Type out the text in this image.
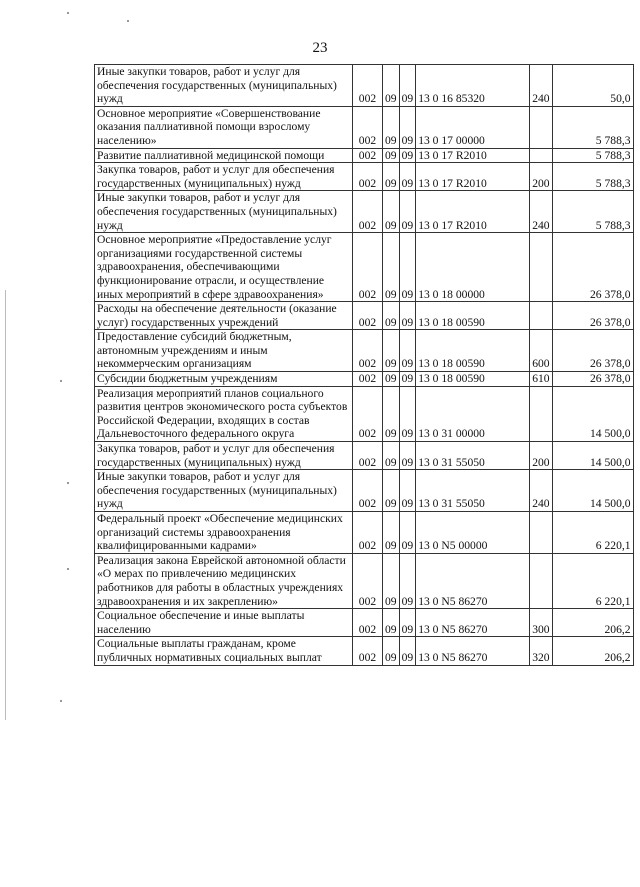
23
Иные закупки товаров, работ и услуг для обеспечения государственных (муниципальных) нужд	002	09	09	13 0 16 85320	240	50,0
Основное мероприятие «Совершенствование оказания паллиативной помощи взрослому населению»	002	09	09	13 0 17 00000		5 788,3
Развитие паллиативной медицинской помощи	002	09	09	13 0 17 R2010		5 788,3
Закупка товаров, работ и услуг для обеспечения государственных (муниципальных) нужд	002	09	09	13 0 17 R2010	200	5 788,3
Иные закупки товаров, работ и услуг для обеспечения государственных (муниципальных) нужд	002	09	09	13 0 17 R2010	240	5 788,3
Основное мероприятие «Предоставление услуг организациями государственной системы здравоохранения, обеспечивающими функционирование отрасли, и осуществление иных мероприятий в сфере здравоохранения»	002	09	09	13 0 18 00000		26 378,0
Расходы на обеспечение деятельности (оказание услуг) государственных учреждений	002	09	09	13 0 18 00590		26 378,0
Предоставление субсидий бюджетным, автономным учреждениям и иным некоммерческим организациям	002	09	09	13 0 18 00590	600	26 378,0
Субсидии бюджетным учреждениям	002	09	09	13 0 18 00590	610	26 378,0
Реализация мероприятий планов социального развития центров экономического роста субъектов Российской Федерации, входящих в состав Дальневосточного федерального округа	002	09	09	13 0 31 00000		14 500,0
Закупка товаров, работ и услуг для обеспечения государственных (муниципальных) нужд	002	09	09	13 0 31 55050	200	14 500,0
Иные закупки товаров, работ и услуг для обеспечения государственных (муниципальных) нужд	002	09	09	13 0 31 55050	240	14 500,0
Федеральный проект «Обеспечение медицинских организаций системы здравоохранения квалифицированными кадрами»	002	09	09	13 0 N5 00000		6 220,1
Реализация закона Еврейской автономной области «О мерах по привлечению медицинских работников для работы в областных учреждениях здравоохранения и их закреплению»	002	09	09	13 0 N5 86270		6 220,1
Социальное обеспечение и иные выплаты населению	002	09	09	13 0 N5 86270	300	206,2
Социальные выплаты гражданам, кроме публичных нормативных социальных выплат	002	09	09	13 0 N5 86270	320	206,2
